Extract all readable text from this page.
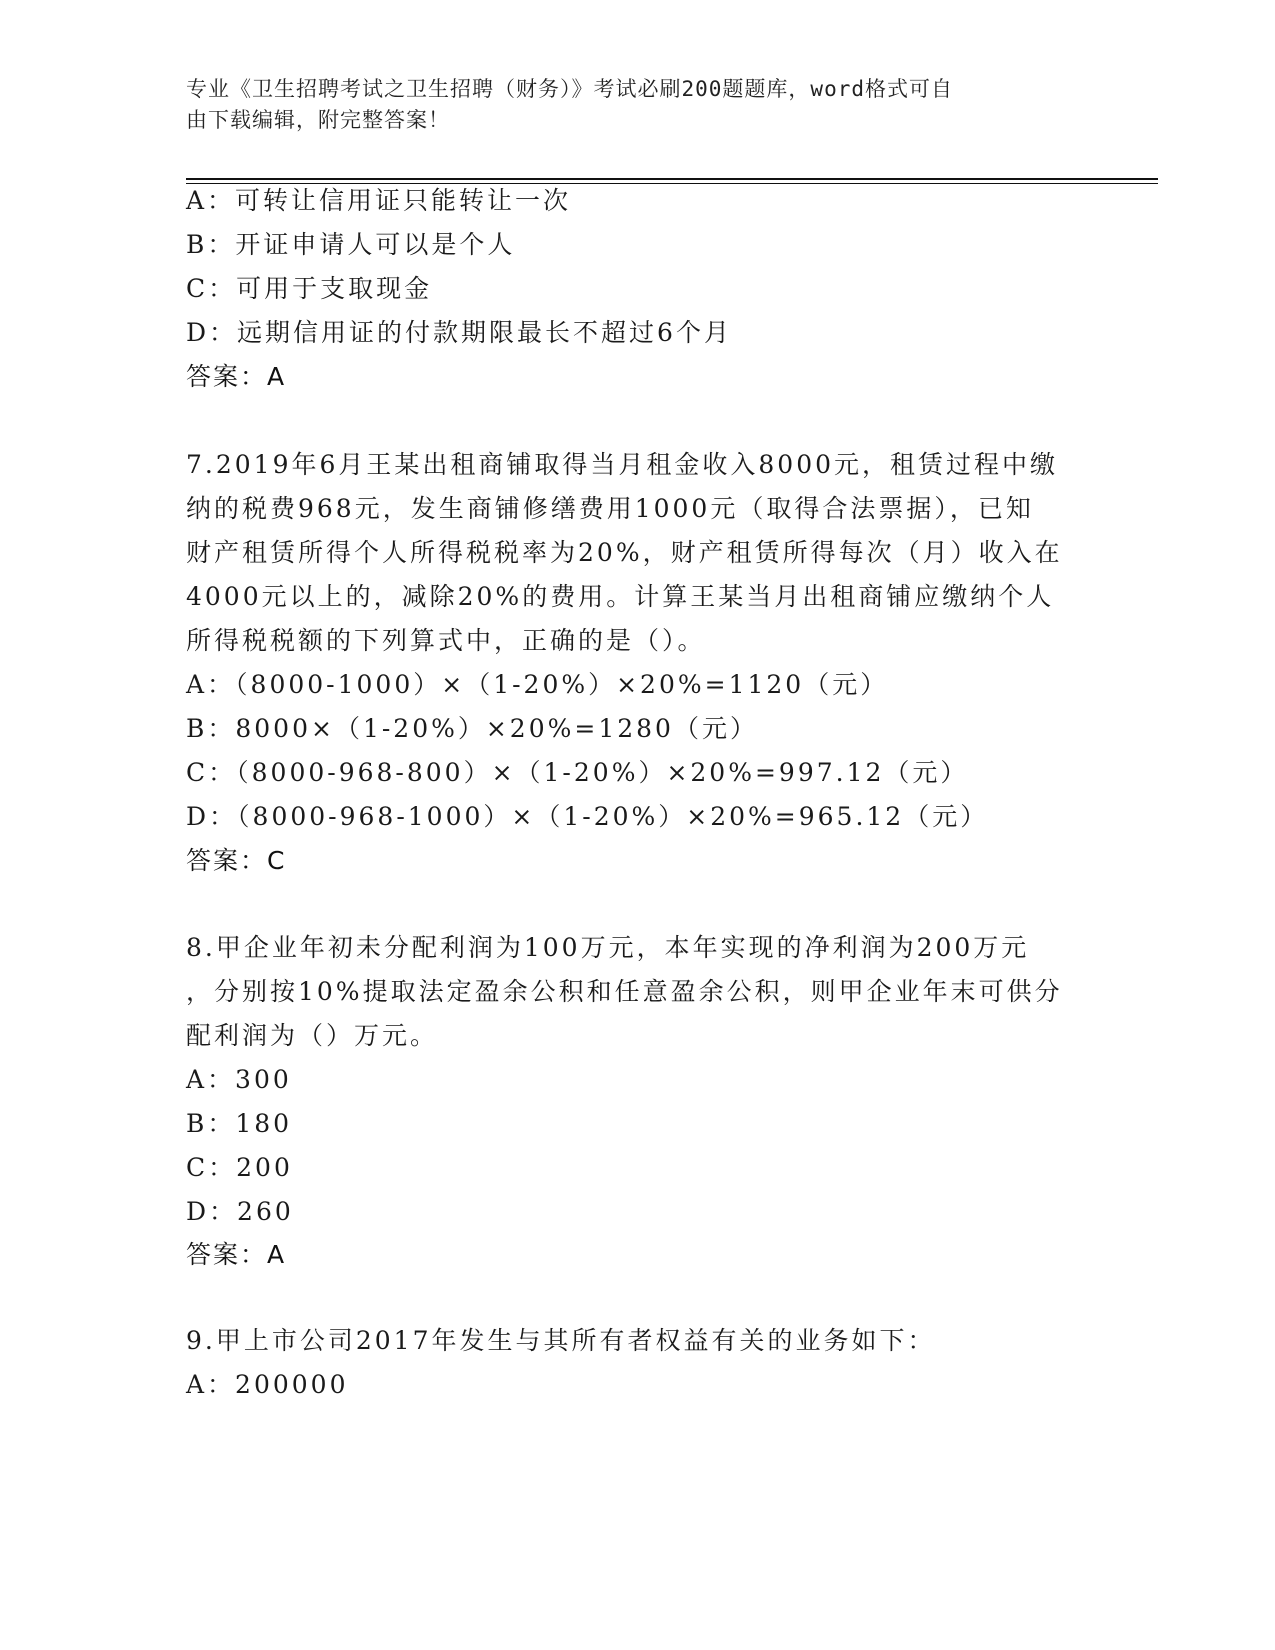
专业《卫生招聘考试之卫生招聘（财务）》考试必刷200题题库，word格式可自
由下载编辑，附完整答案！
A：可转让信用证只能转让一次
B：开证申请人可以是个人
C：可用于支取现金
D：远期信用证的付款期限最长不超过6个月
答案：A
7.2019年6月王某出租商铺取得当月租金收入8000元，租赁过程中缴
纳的税费968元，发生商铺修缮费用1000元（取得合法票据），已知
财产租赁所得个人所得税税率为20%，财产租赁所得每次（月）收入在
4000元以上的，减除20%的费用。计算王某当月出租商铺应缴纳个人
所得税税额的下列算式中，正确的是（）。
A：（8000-1000）×（1-20%）×20%=1120（元）
B：8000×（1-20%）×20%=1280（元）
C：（8000-968-800）×（1-20%）×20%=997.12（元）
D：（8000-968-1000）×（1-20%）×20%=965.12（元）
答案：C
8.甲企业年初未分配利润为100万元，本年实现的净利润为200万元
，分别按10%提取法定盈余公积和任意盈余公积，则甲企业年末可供分
配利润为（）万元。
A：300
B：180
C：200
D：260
答案：A
9.甲上市公司2017年发生与其所有者权益有关的业务如下：
A：200000
